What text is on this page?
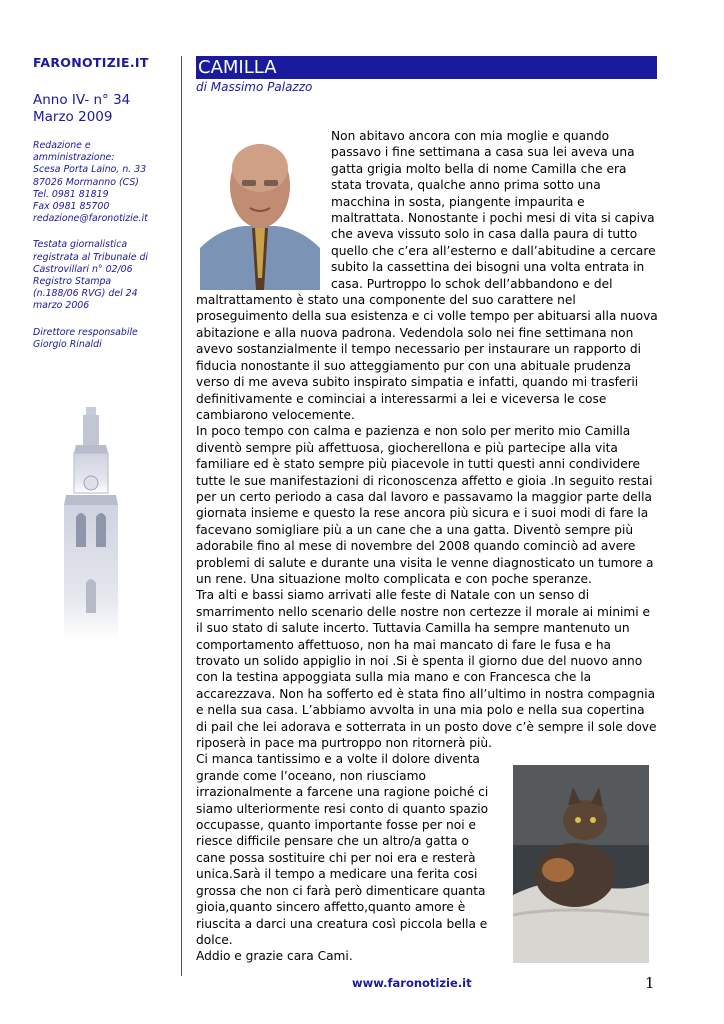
FARONOTIZIE.IT
Anno IV- n° 34
Marzo 2009
Redazione e
amministrazione:
Scesa Porta Laino, n. 33
87026 Mormanno (CS)
Tel. 0981 81819
Fax 0981 85700
redazione@faronotizie.it
Testata giornalistica
registrata al Tribunale di
Castrovillari n° 02/06
Registro Stampa
(n.188/06 RVG) del 24
marzo 2006
Direttore responsabile
Giorgio Rinaldi
CAMILLA
di Massimo Palazzo

Non abitavo ancora con mia moglie e quando passavo i fine settimana a casa sua lei aveva una gatta grigia molto bella di nome Camilla che era stata trovata, qualche anno prima sotto una macchina in sosta, piangente impaurita e maltrattata. Nonostante i pochi mesi di vita si capiva che aveva vissuto solo in casa dalla paura di tutto quello che c’era all’esterno e dall’abitudine a cercare subito la cassettina dei bisogni una volta entrata in casa. Purtroppo lo schok dell’abbandono e del maltrattamento è stato una componente del suo carattere nel proseguimento della sua esistenza e ci volle tempo per abituarsi alla nuova abitazione e alla nuova padrona. Vedendola solo nei fine settimana non avevo sostanzialmente il tempo necessario per instaurare un rapporto di fiducia nonostante il suo atteggiamento pur con una abituale prudenza verso di me aveva subito inspirato simpatia e infatti, quando mi trasferii definitivamente e cominciai a interessarmi a lei e viceversa le cose cambiarono velocemente.

In poco tempo con calma e pazienza e non solo per merito mio Camilla diventò sempre più affettuosa, giocherellona e più partecipe alla vita familiare ed è stato sempre più piacevole in tutti questi anni condividere tutte le sue manifestazioni di riconoscenza affetto e gioia .In seguito restai per un certo periodo a casa dal lavoro e passavamo la maggior parte della giornata insieme e questo la rese ancora più sicura e i suoi modi di fare la facevano somigliare più a un cane che a una gatta. Diventò sempre più adorabile fino al mese di novembre del 2008 quando cominciò ad avere problemi di salute e durante una visita le venne diagnosticato un tumore a un rene. Una situazione molto complicata e con poche speranze.

Tra alti e bassi siamo arrivati alle feste di Natale con un senso di smarrimento nello scenario delle nostre non certezze il morale ai minimi e il suo stato di salute incerto. Tuttavia Camilla ha sempre mantenuto un comportamento affettuoso, non ha mai mancato di fare le fusa e ha trovato un solido appiglio in noi .Si è spenta il giorno due del nuovo anno con la testina appoggiata sulla mia mano e con Francesca che la accarezzava. Non ha sofferto ed è stata fino all’ultimo in nostra compagnia e nella sua casa. L’abbiamo avvolta in una mia polo e nella sua copertina di pail che lei adorava e sotterrata in un posto dove c’è sempre il sole dove riposerà in pace ma purtroppo non ritornerà più.

Ci manca tantissimo e a volte il dolore diventa grande come l’oceano, non riusciamo irrazionalmente a farcene una ragione poiché ci siamo ulteriormente resi conto di quanto spazio occupasse, quanto importante fosse per noi e riesce difficile pensare che un altro/a gatta o cane possa sostituire chi per noi era e resterà unica.Sarà il tempo a medicare una ferita cosi grossa che non ci farà però dimenticare quanta gioia,quanto sincero affetto,quanto amore è riuscita a darci una creatura così piccola bella e dolce.

Addio e grazie cara Cami.

www.faronotizie.it	1
